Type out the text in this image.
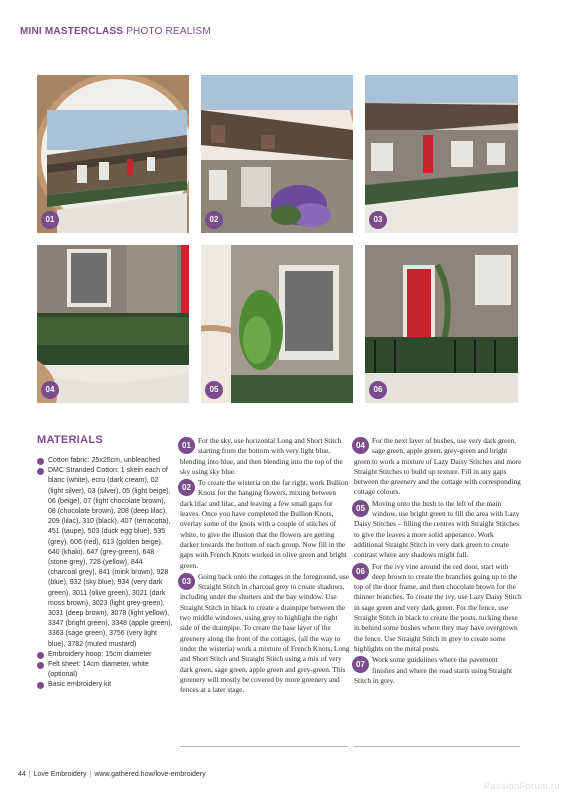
MINI MASTERCLASS PHOTO REALISM
01	02	03
04	05	06
MATERIALS
Cotton fabric: 25x25cm, unbleached
DMC Stranded Cotton: 1 skein each of blanc (white), ecru (dark cream), 02 (light silver), 03 (silver), 05 (light beige), 06 (beige), 07 (light chocolate brown), 08 (chocolate brown), 208 (deep lilac), 209 (lilac), 310 (black), 407 (terracotta), 451 (taupe), 503 (duck egg blue), 535 (grey), 606 (red), 613 (golden beige), 640 (khaki), 647 (grey-green), 648 (stone grey), 728 (yellow), 844 (charcoal grey), 841 (mink brown), 928 (blue), 932 (sky blue), 934 (very dark green), 3011 (olive green), 3021 (dark moss brown), 3023 (light grey-green), 3031 (deep brown), 3078 (light yellow), 3347 (bright green), 3348 (apple green), 3363 (sage green), 3756 (very light blue), 3782 (muted mustard)
Embroidery hoop: 15cm diameter
Felt sheet: 14cm diameter, white (optional)
Basic embroidery kit

01
For the sky, use horizontal Long and Short Stitch starting from the bottom with very light blue, blending into blue, and then blending into the top of the sky using sky blue.

02
To create the wisteria on the far right, work Bullion Knots for the hanging flowers, mixing between dark lilac and lilac, and leaving a few small gaps for leaves. Once you have completed the Bullion Knots, overlay some of the knots with a couple of stitches of white, to give the illusion that the flowers are getting darker towards the bottom of each group. Now fill in the gaps with French Knots worked in olive green and bright green.

03
Going back onto the cottages in the foreground, use Straight Stitch in charcoal grey to create shadows, including under the shutters and the bay window. Use Straight Stitch in black to create a drainpipe between the two middle windows, using grey to highlight the right side of the drainpipe. To create the base layer of the greenery along the front of the cottages, (all the way to under the wisteria) work a mixture of French Knots, Long and Short Stitch and Straight Stitch using a mix of very dark green, sage green, apple green and grey-green. This greenery will mostly be covered by more greenery and fences at a later stage.

04
For the next layer of bushes, use very dark green, sage green, apple green, grey-green and bright green to work a mixture of Lazy Daisy Stitches and more Straight Stitches to build up texture. Fill in any gaps between the greenery and the cottage with corresponding cottage colours.

05
Moving onto the bush to the left of the main window, use bright green to fill the area with Lazy Daisy Stitches – filling the centres with Straight Stitches to give the leaves a more solid apperance. Work additional Straight Stitch in very dark green to create contrast where any shadows might fall.

06
For the ivy vine around the red door, start with deep brown to create the branches going up to the top of the door frame, and then chocolate brown for the thinner branches. To create the ivy, use Lazy Daisy Stitch in sage green and very dark green. For the fence, use Straight Stitch in black to create the posts, tucking these in behind some bushes where they may have overgrown the fence. Use Straight Stitch in grey to create some highlights on the metal posts.

07
Work some guidelines where the pavement finishes and where the road starts using Straight Stitch in grey.

44 | Love Embroidery | www.gathered.how/love-embroidery
PassionForum.ru
